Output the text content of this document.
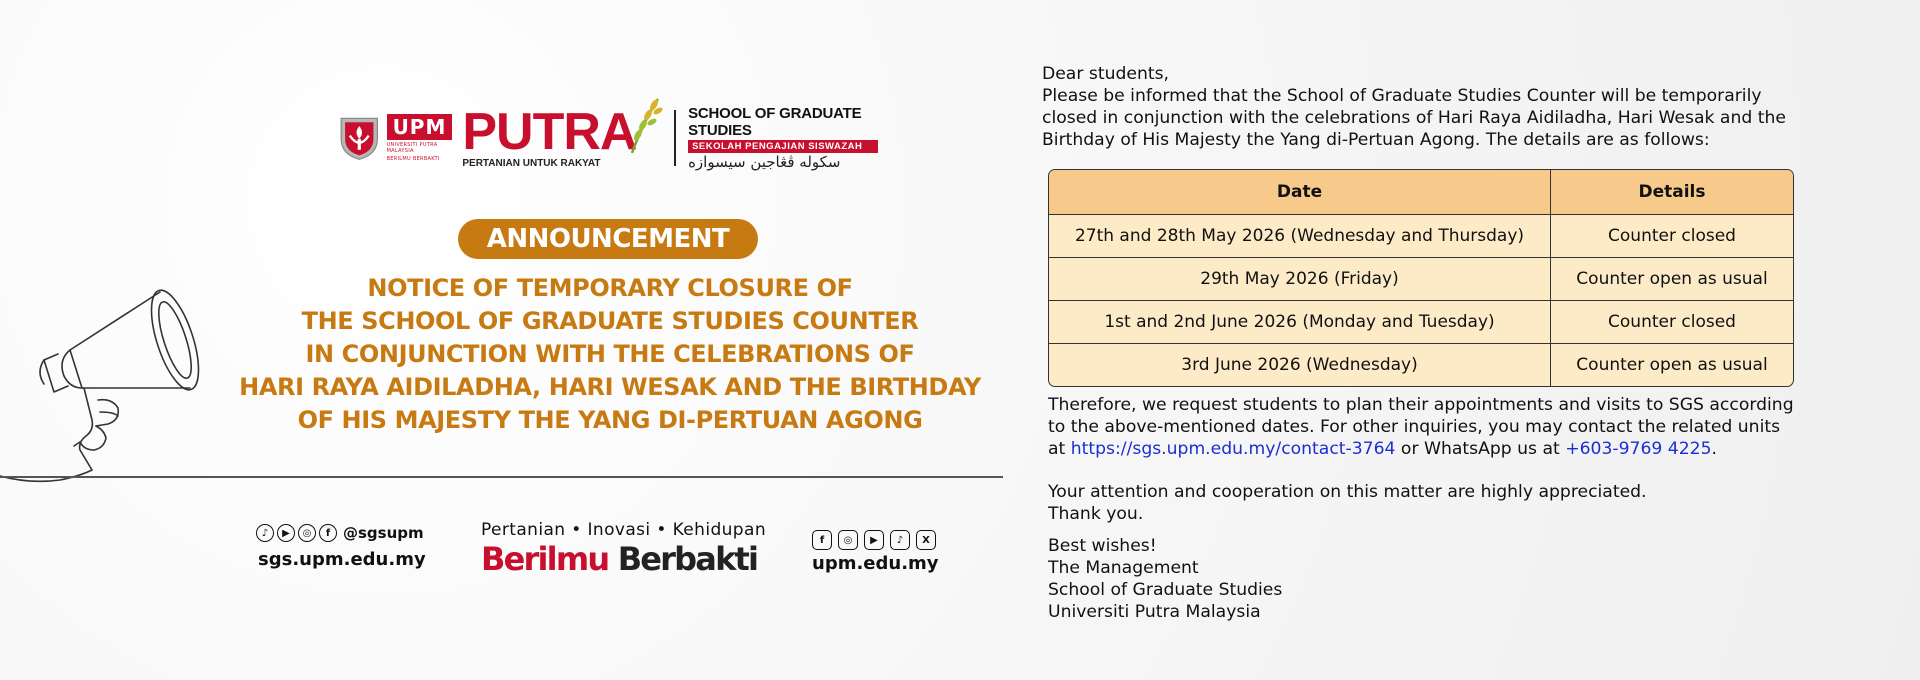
UPM
UNIVERSITI PUTRA MALAYSIA
BERILMU BERBAKTI PUTRA
PERTANIAN UNTUK RAKYAT
SCHOOL OF GRADUATE STUDIES
SEKOLAH PENGAJIAN SISWAZAH
سکوله ڤڠاجين سيسوازه
ANNOUNCEMENT
NOTICE OF TEMPORARY CLOSURE OF
THE SCHOOL OF GRADUATE STUDIES COUNTER
IN CONJUNCTION WITH THE CELEBRATIONS OF
HARI RAYA AIDILADHA, HARI WESAK AND THE BIRTHDAY
OF HIS MAJESTY THE YANG DI-PERTUAN AGONG
♪	▶	◎	f @sgsupm
sgs.upm.edu.my
Pertanian • Inovasi • Kehidupan
Berilmu Berbakti	f	◎	▶	♪	X
upm.edu.my

Dear students,

Please be informed that the School of Graduate Studies Counter will be temporarily

closed in conjunction with the celebrations of Hari Raya Aidiladha, Hari Wesak and the

Birthday of His Majesty the Yang di-Pertuan Agong. The details are as follows:

Date	Details
27th and 28th May 2026 (Wednesday and Thursday)	Counter closed
29th May 2026 (Friday)	Counter open as usual
1st and 2nd June 2026 (Monday and Tuesday)	Counter closed
3rd June 2026 (Wednesday)	Counter open as usual

Therefore, we request students to plan their appointments and visits to SGS according

to the above-mentioned dates. For other inquiries, you may contact the related units

at https://sgs.upm.edu.my/contact-3764 or WhatsApp us at +603-9769 4225.

Your attention and cooperation on this matter are highly appreciated.

Thank you.

Best wishes!

The Management

School of Graduate Studies

Universiti Putra Malaysia
